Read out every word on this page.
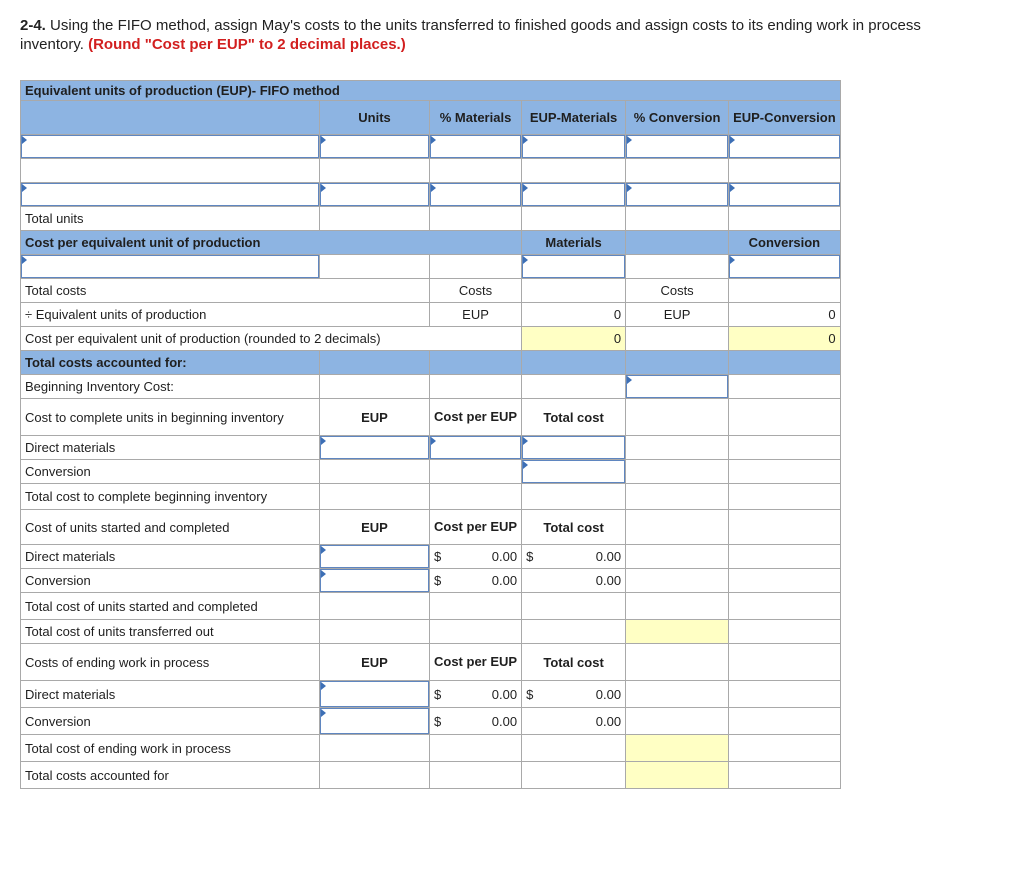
2-4. Using the FIFO method, assign May's costs to the units transferred to finished goods and assign costs to its ending work in process inventory. (Round "Cost per EUP" to 2 decimal places.)
Equivalent units of production (EUP)- FIFO method					
	Units	% Materials	EUP-Materials	% Conversion	EUP-Conversion

Total units					
Cost per equivalent unit of production			Materials		Conversion

Total costs		Costs		Costs	
÷ Equivalent units of production		EUP	0	EUP	0
Cost per equivalent unit of production (rounded to 2 decimals)			0		0
Total costs accounted for:					
Beginning Inventory Cost:					
Cost to complete units in beginning inventory	EUP	Cost per EUP	Total cost		
Direct materials					
Conversion					
Total cost to complete beginning inventory					
Cost of units started and completed	EUP	Cost per EUP	Total cost		
Direct materials		$ 0.00	$ 0.00		
Conversion		$ 0.00	0.00		
Total cost of units started and completed					
Total cost of units transferred out					
Costs of ending work in process	EUP	Cost per EUP	Total cost		
Direct materials		$ 0.00	$ 0.00		
Conversion		$ 0.00	0.00		
Total cost of ending work in process					
Total costs accounted for					
